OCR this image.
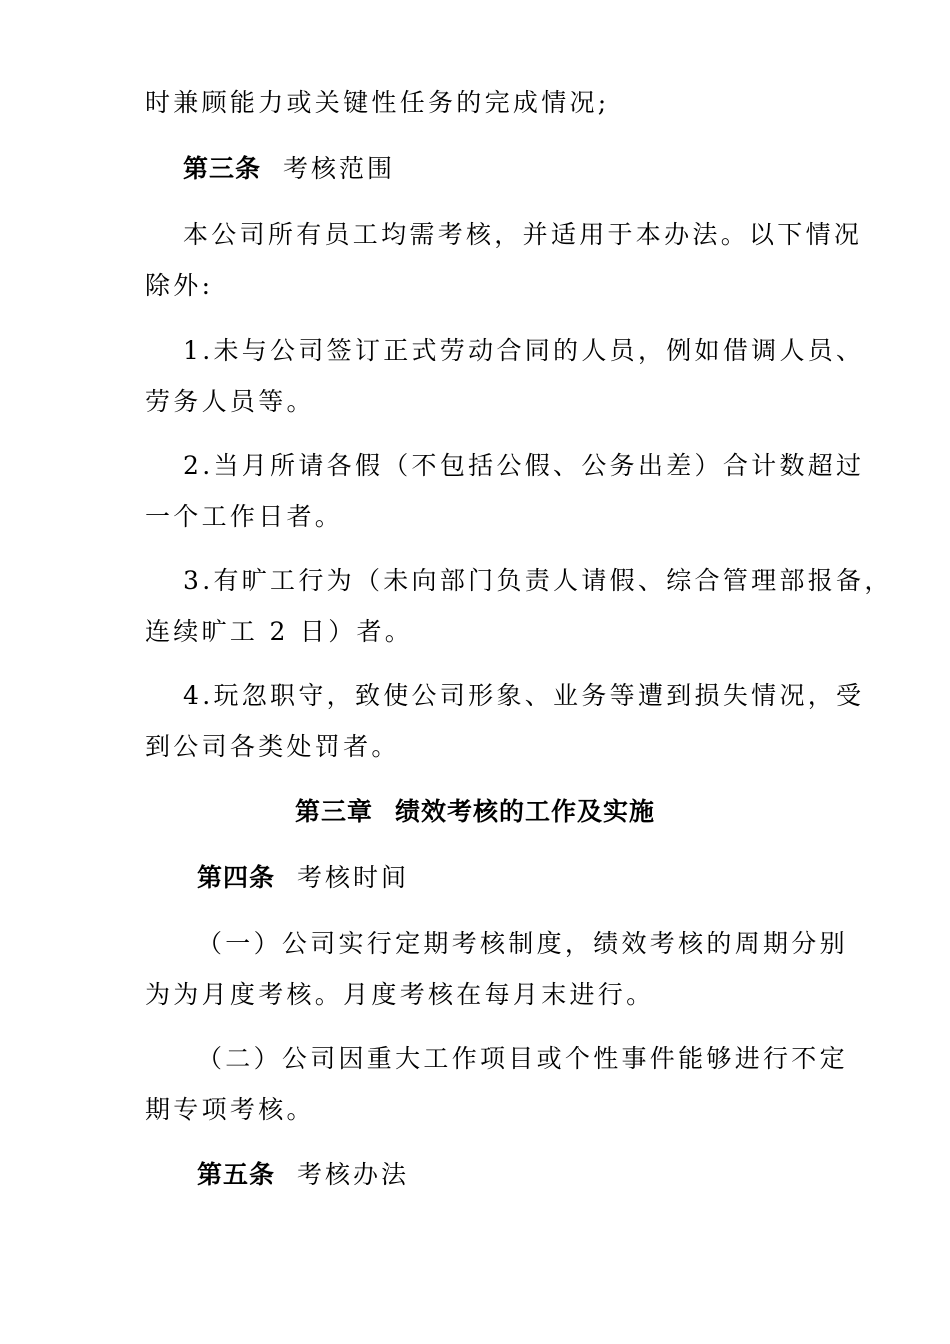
时兼顾能力或关键性任务的完成情况;
第三条 考核范围
本公司所有员工均需考核，并适用于本办法。以下情况
除外:
1.未与公司签订正式劳动合同的人员，例如借调人员、
劳务人员等。
2.当月所请各假（不包括公假、公务出差）合计数超过
一个工作日者。
3.有旷工行为（未向部门负责人请假、综合管理部报备，
连续旷工 2 日）者。
4.玩忽职守，致使公司形象、业务等遭到损失情况，受
到公司各类处罚者。
第三章 绩效考核的工作及实施
第四条 考核时间
（一）公司实行定期考核制度，绩效考核的周期分别
为为月度考核。月度考核在每月末进行。
（二）公司因重大工作项目或个性事件能够进行不定
期专项考核。
第五条 考核办法
